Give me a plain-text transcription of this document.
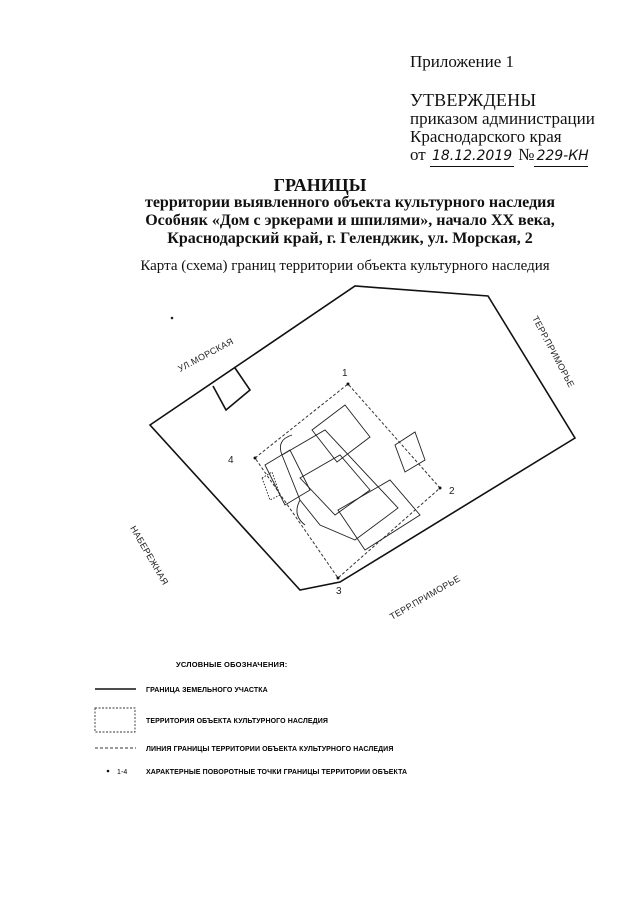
Приложение 1
УТВЕРЖДЕНЫ
приказом администрации
Краснодарского края
от 18.12.2019 № 229-КН
ГРАНИЦЫ
территории выявленного объекта культурного наследия
Особняк «Дом с эркерами и шпилями», начало XX века,
Краснодарский край, г. Геленджик, ул. Морская, 2
Карта (схема) границ территории объекта культурного наследия
1
2
3
4
УЛ.МОРСКАЯ	ТЕРР.ПРИМОРЬЕ
НАБЕРЕЖНАЯ
ТЕРР.ПРИМОРЬЕ
УСЛОВНЫЕ ОБОЗНАЧЕНИЯ:
ГРАНИЦА ЗЕМЕЛЬНОГО УЧАСТКА
ТЕРРИТОРИЯ ОБЪЕКТА КУЛЬТУРНОГО НАСЛЕДИЯ
ЛИНИЯ ГРАНИЦЫ ТЕРРИТОРИИ ОБЪЕКТА КУЛЬТУРНОГО НАСЛЕДИЯ
1-4	ХАРАКТЕРНЫЕ ПОВОРОТНЫЕ ТОЧКИ ГРАНИЦЫ ТЕРРИТОРИИ ОБЪЕКТА
